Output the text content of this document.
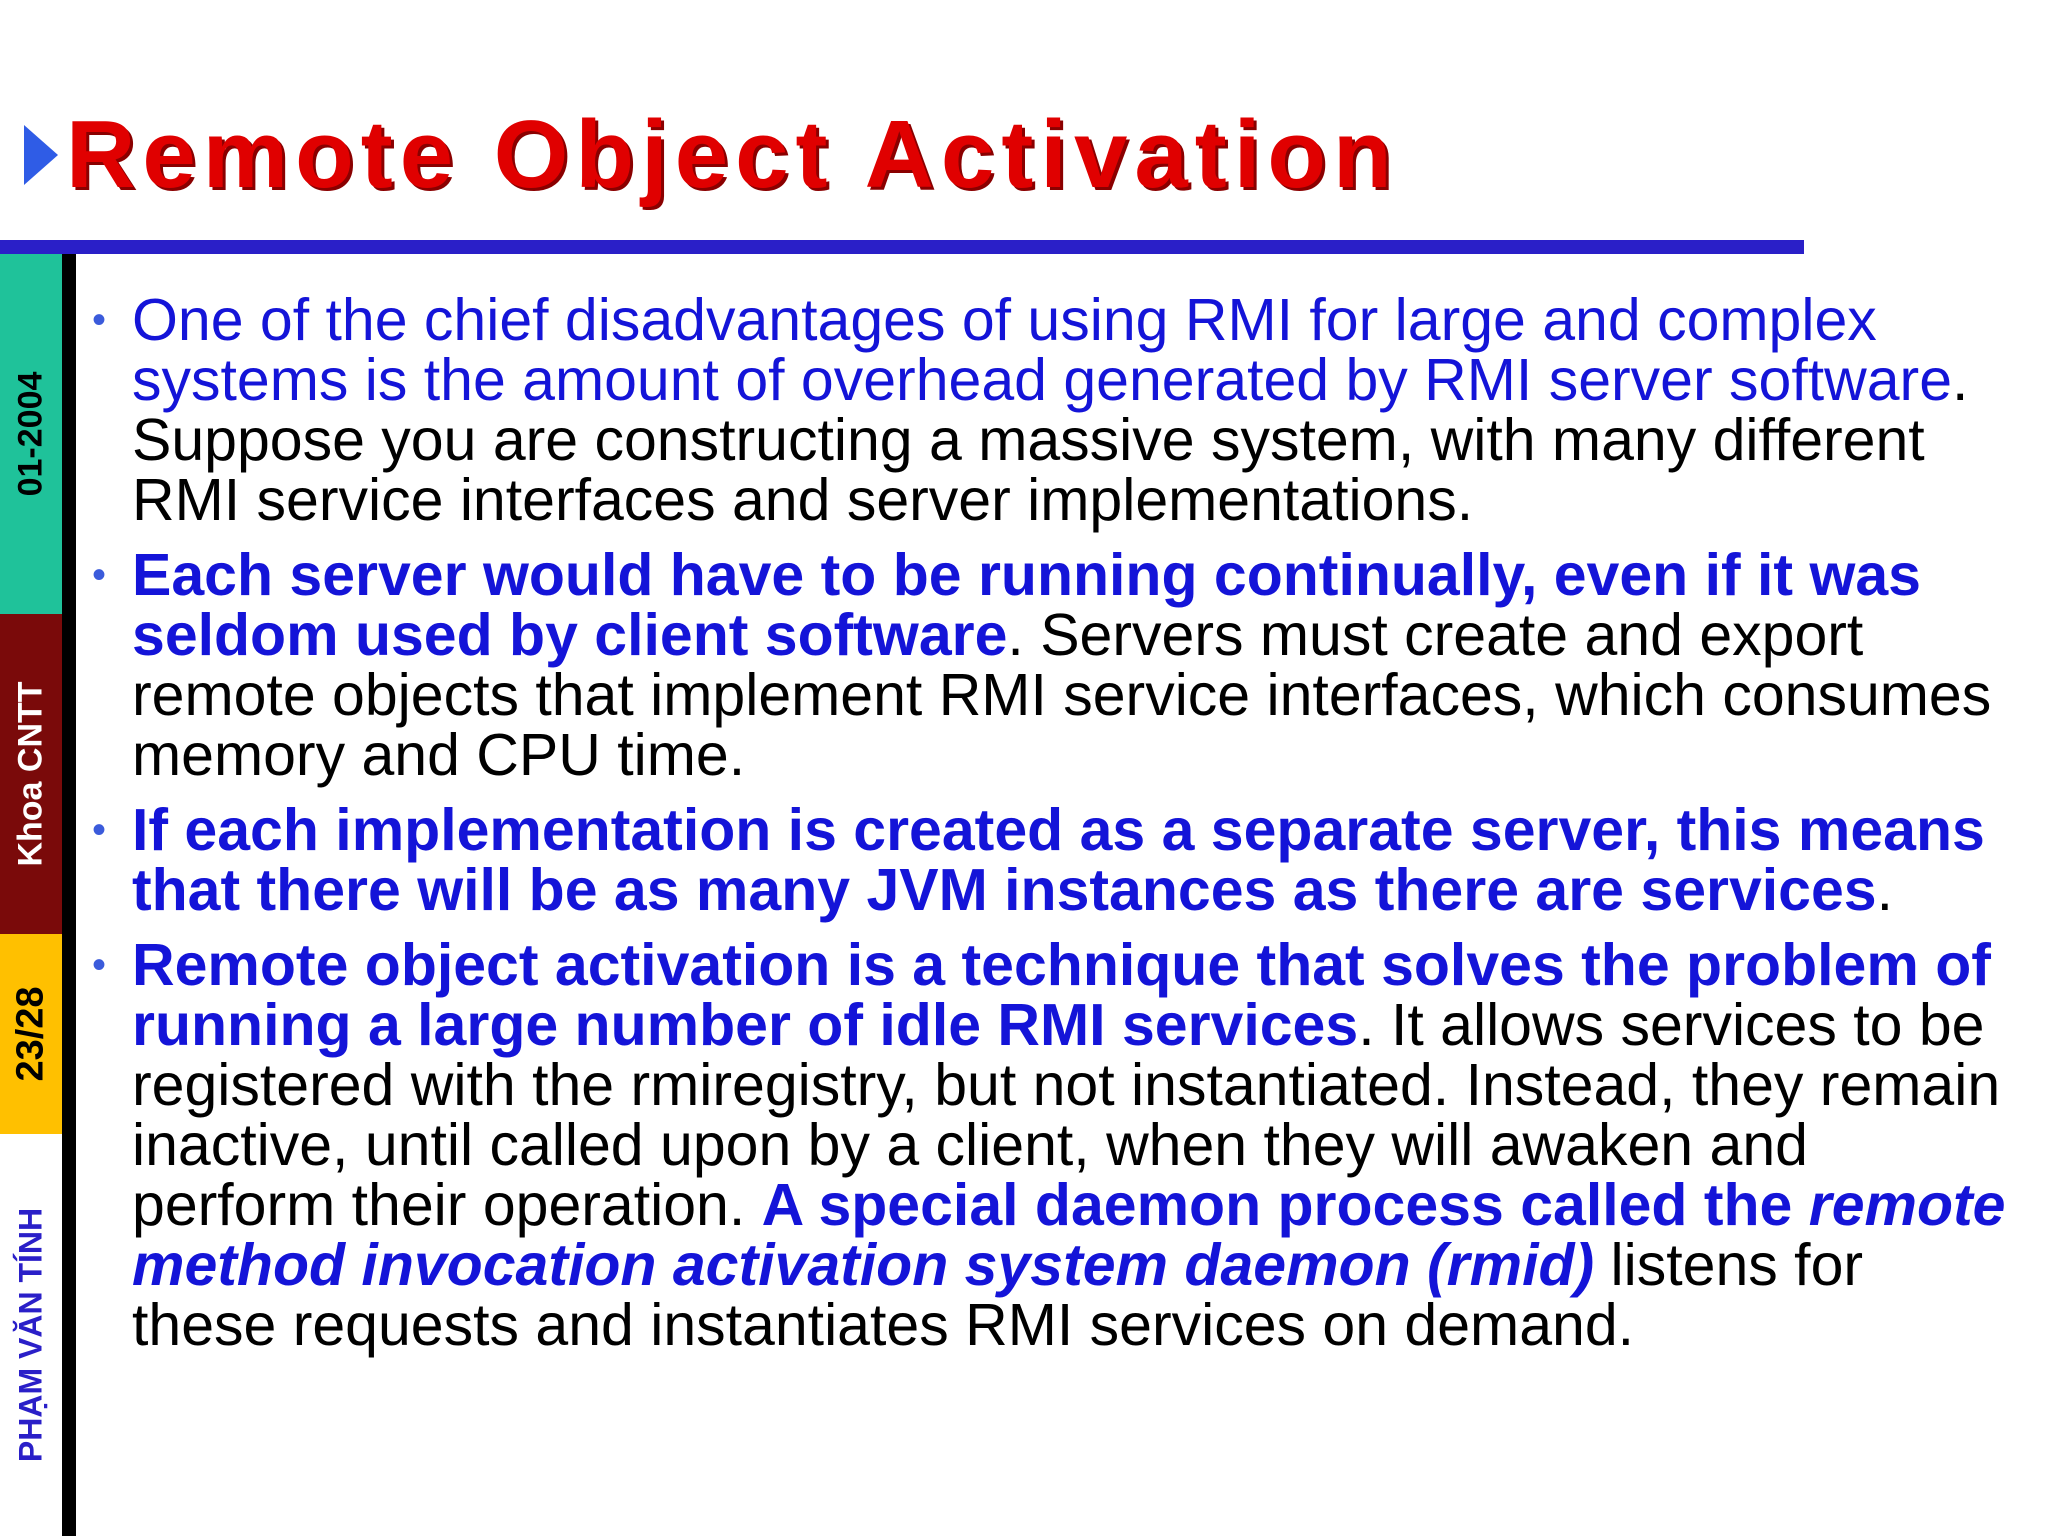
Remote Object Activation
01-2004
Khoa CNTT
23/28
PHẠM VĂN TÍNH
• One of the chief disadvantages of using RMI for large and complex systems is the amount of overhead generated by RMI server software. Suppose you are constructing a massive system, with many different RMI service interfaces and server implementations.
• Each server would have to be running continually, even if it was seldom used by client software. Servers must create and export remote objects that implement RMI service interfaces, which consumes memory and CPU time.
• If each implementation is created as a separate server, this means that there will be as many JVM instances as there are services.
• Remote object activation is a technique that solves the problem of running a large number of idle RMI services. It allows services to be registered with the rmiregistry, but not instantiated. Instead, they remain inactive, until called upon by a client, when they will awaken and perform their operation. A special daemon process called the remote method invocation activation system daemon (rmid) listens for these requests and instantiates RMI services on demand.
